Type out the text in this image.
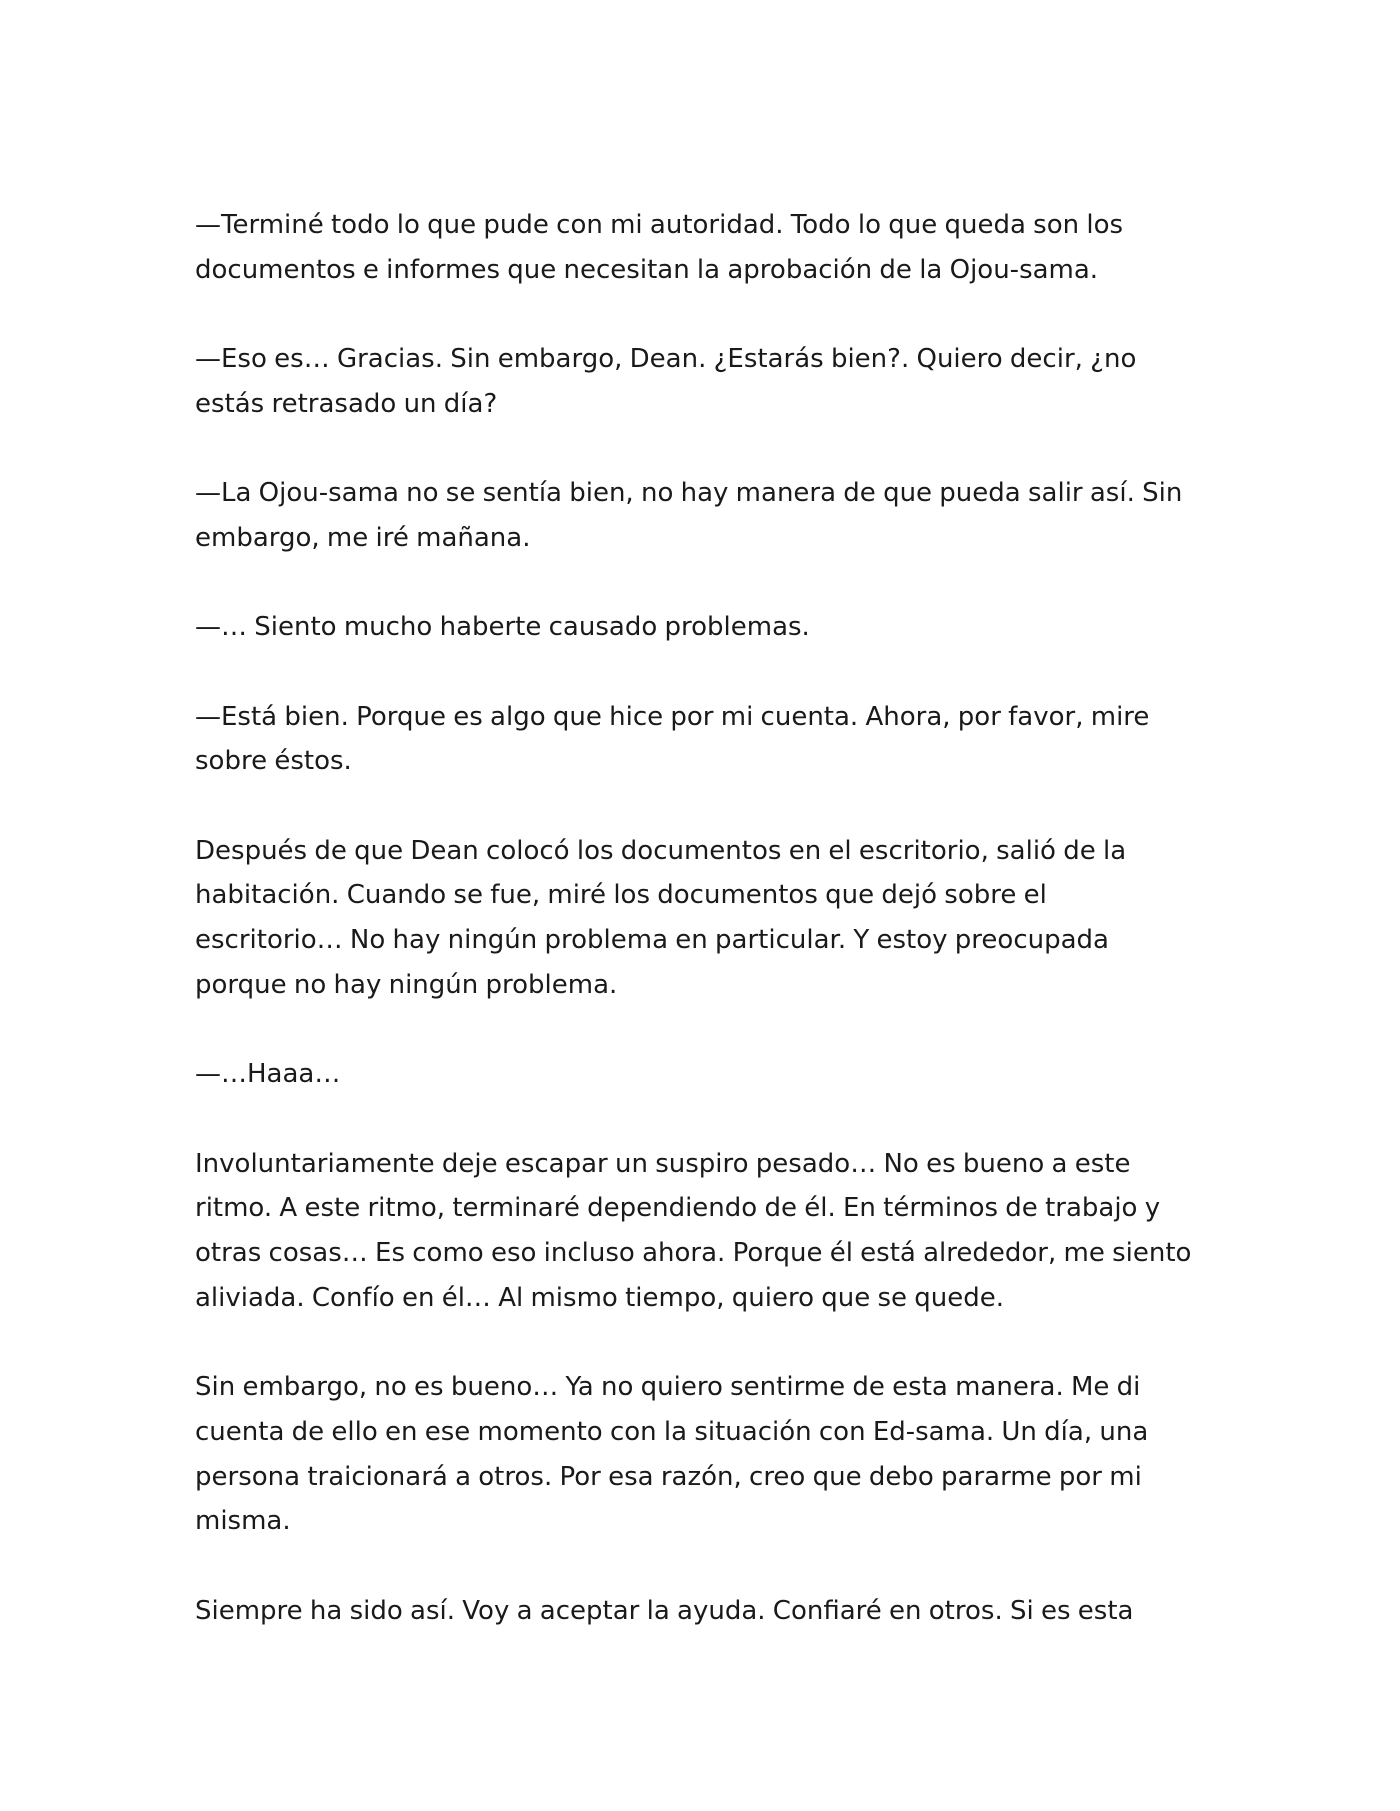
—Terminé todo lo que pude con mi autoridad. Todo lo que queda son los
documentos e informes que necesitan la aprobación de la Ojou-sama.

—Eso es… Gracias. Sin embargo, Dean. ¿Estarás bien?. Quiero decir, ¿no
estás retrasado un día?

—La Ojou-sama no se sentía bien, no hay manera de que pueda salir así. Sin
embargo, me iré mañana.

—… Siento mucho haberte causado problemas.

—Está bien. Porque es algo que hice por mi cuenta. Ahora, por favor, mire
sobre éstos.

Después de que Dean colocó los documentos en el escritorio, salió de la
habitación. Cuando se fue, miré los documentos que dejó sobre el
escritorio… No hay ningún problema en particular. Y estoy preocupada
porque no hay ningún problema.

—…Haaa…

Involuntariamente deje escapar un suspiro pesado… No es bueno a este
ritmo. A este ritmo, terminaré dependiendo de él. En términos de trabajo y
otras cosas… Es como eso incluso ahora. Porque él está alrededor, me siento
aliviada. Confío en él… Al mismo tiempo, quiero que se quede.

Sin embargo, no es bueno… Ya no quiero sentirme de esta manera. Me di
cuenta de ello en ese momento con la situación con Ed-sama. Un día, una
persona traicionará a otros. Por esa razón, creo que debo pararme por mi
misma.

Siempre ha sido así. Voy a aceptar la ayuda. Confiaré en otros. Si es esta
